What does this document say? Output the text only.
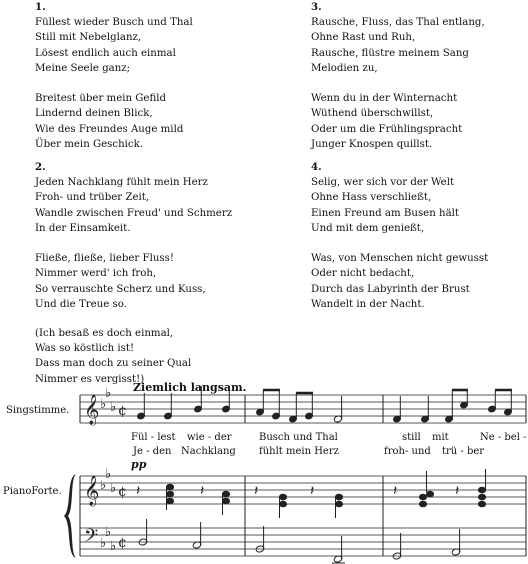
1.
Füllest wieder Busch und Thal
Still mit Nebelglanz,
Lösest endlich auch einmal
Meine Seele ganz;
Breitest über mein Gefild
Lindernd deinen Blick,
Wie des Freundes Auge mild
Über mein Geschick.
3.
Rausche, Fluss, das Thal entlang,
Ohne Rast und Ruh,
Rausche, flüstre meinem Sang
Melodien zu,
Wenn du in der Winternacht
Wüthend überschwillst,
Oder um die Frühlingspracht
Junger Knospen quillst.
2.
Jeden Nachklang fühlt mein Herz
Froh- und trüber Zeit,
Wandle zwischen Freud' und Schmerz
In der Einsamkeit.
Fließe, fließe, lieber Fluss!
Nimmer werd' ich froh,
So verrauschte Scherz und Kuss,
Und die Treue so.
4.
Selig, wer sich vor der Welt
Ohne Hass verschließt,
Einen Freund am Busen hält
Und mit dem genießt,
Was, von Menschen nicht gewusst
Oder nicht bedacht,
Durch das Labyrinth der Brust
Wandelt in der Nacht.
(Ich besaß es doch einmal,
Was so köstlich ist!
Dass man doch zu seiner Qual
Nimmer es vergisst!)
Ziemlich langsam.
Singstimme.
PianoForte.
pp
Fül - lest wie - der	Busch und Thal	still mit	Ne - bel -
Je - den Nachklang fühlt mein Herz	froh- und trü - ber
𝄞
𝄞
𝄢
♭
♭
♭
♭
♭
♭
♭
♭
♭
¢
¢
¢
𝄽	𝄽	𝄽	𝄽	𝄽	𝄽
